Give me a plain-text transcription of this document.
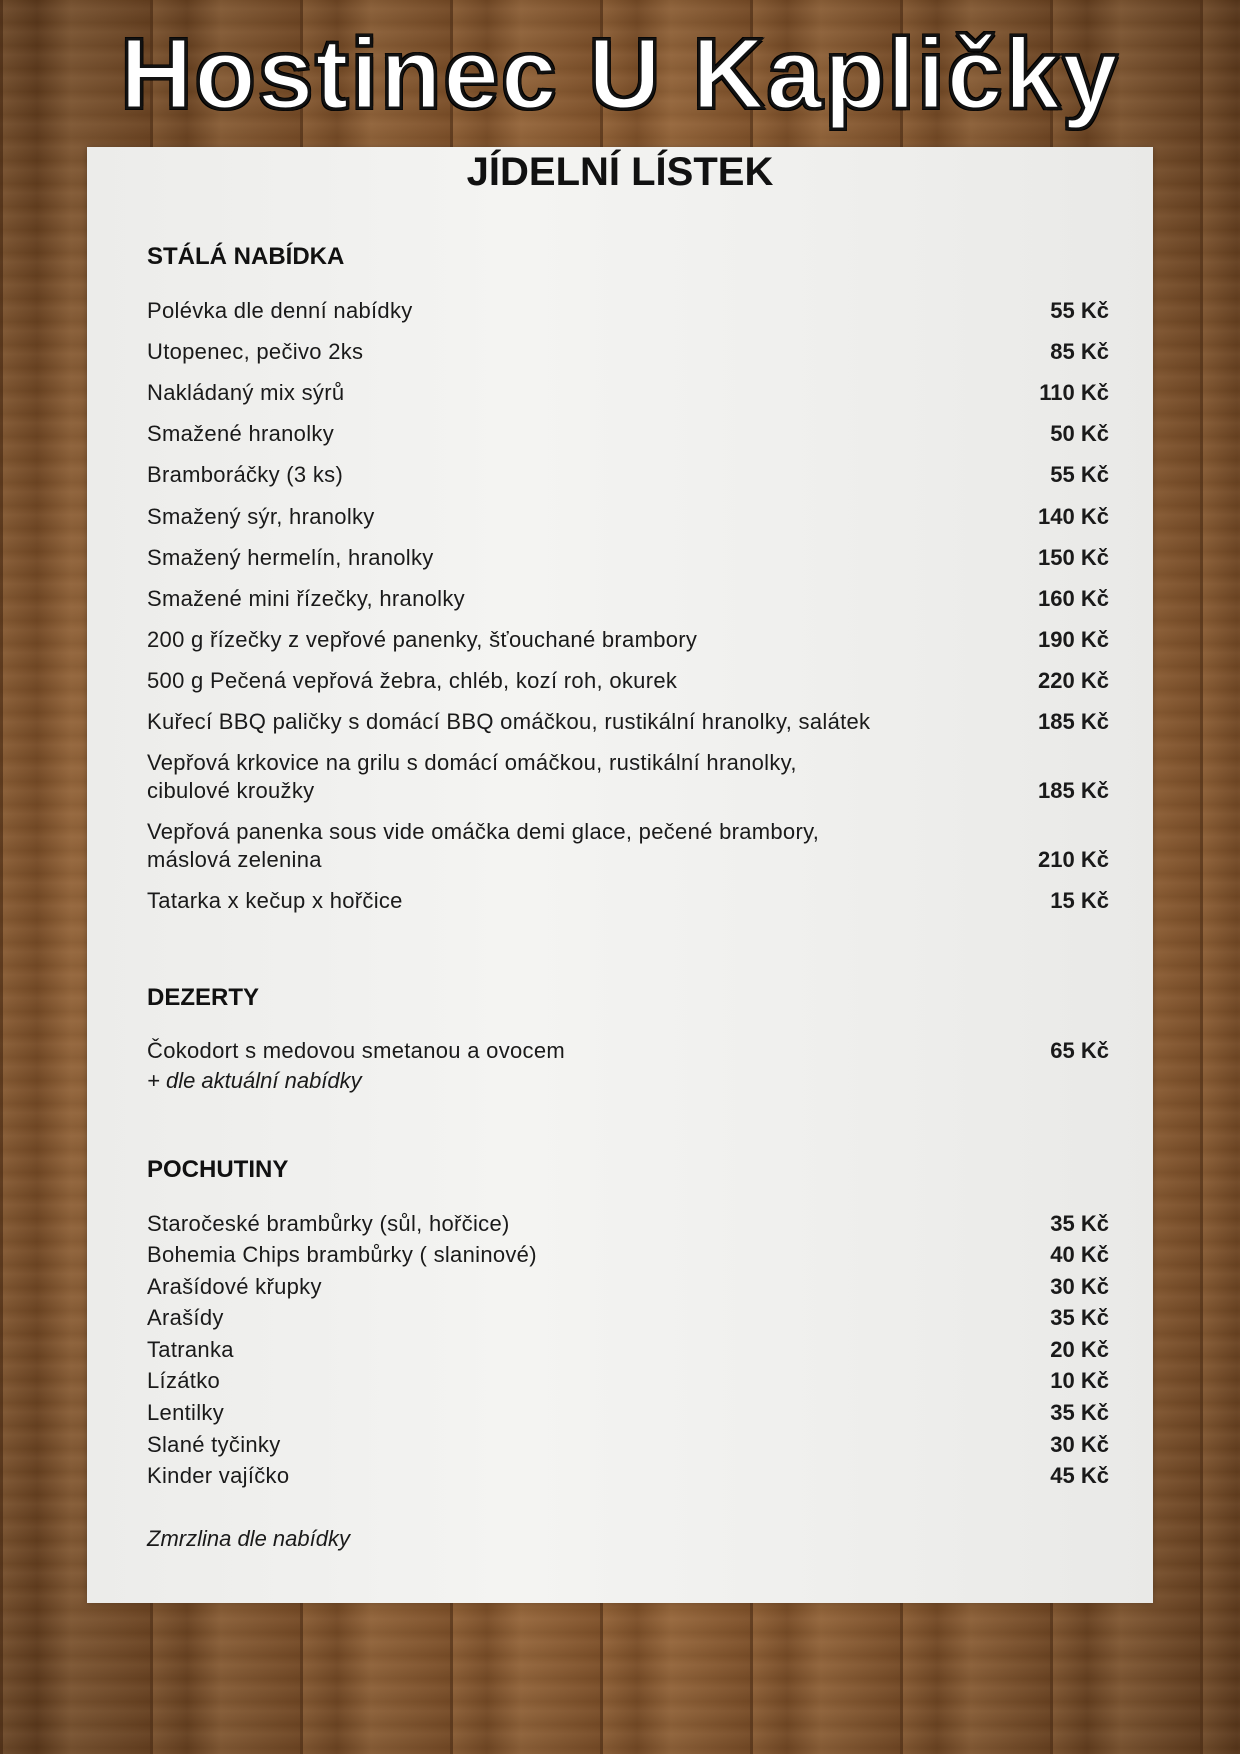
Hostinec U Kapličky
JÍDELNÍ LÍSTEK
STÁLÁ NABÍDKA
Polévka dle denní nabídky	55 Kč
Utopenec, pečivo 2ks	85 Kč
Nakládaný mix sýrů	110 Kč
Smažené hranolky	50 Kč
Bramboráčky (3 ks)	55 Kč
Smažený sýr, hranolky	140 Kč
Smažený hermelín, hranolky	150 Kč
Smažené mini řízečky, hranolky	160 Kč
200 g řízečky z vepřové panenky, šťouchané brambory	190 Kč
500 g Pečená vepřová žebra, chléb, kozí roh, okurek	220 Kč
Kuřecí BBQ paličky s domácí BBQ omáčkou, rustikální hranolky, salátek	185 Kč
Vepřová krkovice na grilu s domácí omáčkou, rustikální hranolky, cibulové kroužky	185 Kč
Vepřová panenka sous vide omáčka demi glace, pečené brambory, máslová zelenina	210 Kč
Tatarka x kečup x hořčice	15 Kč
DEZERTY
Čokodort s medovou smetanou a ovocem	65 Kč
+ dle aktuální nabídky
POCHUTINY
Staročeské brambůrky (sůl, hořčice)	35 Kč
Bohemia Chips brambůrky ( slaninové)	40 Kč
Arašídové křupky	30 Kč
Arašídy	35 Kč
Tatranka	20 Kč
Lízátko	10 Kč
Lentilky	35 Kč
Slané tyčinky	30 Kč
Kinder vajíčko	45 Kč
Zmrzlina dle nabídky
